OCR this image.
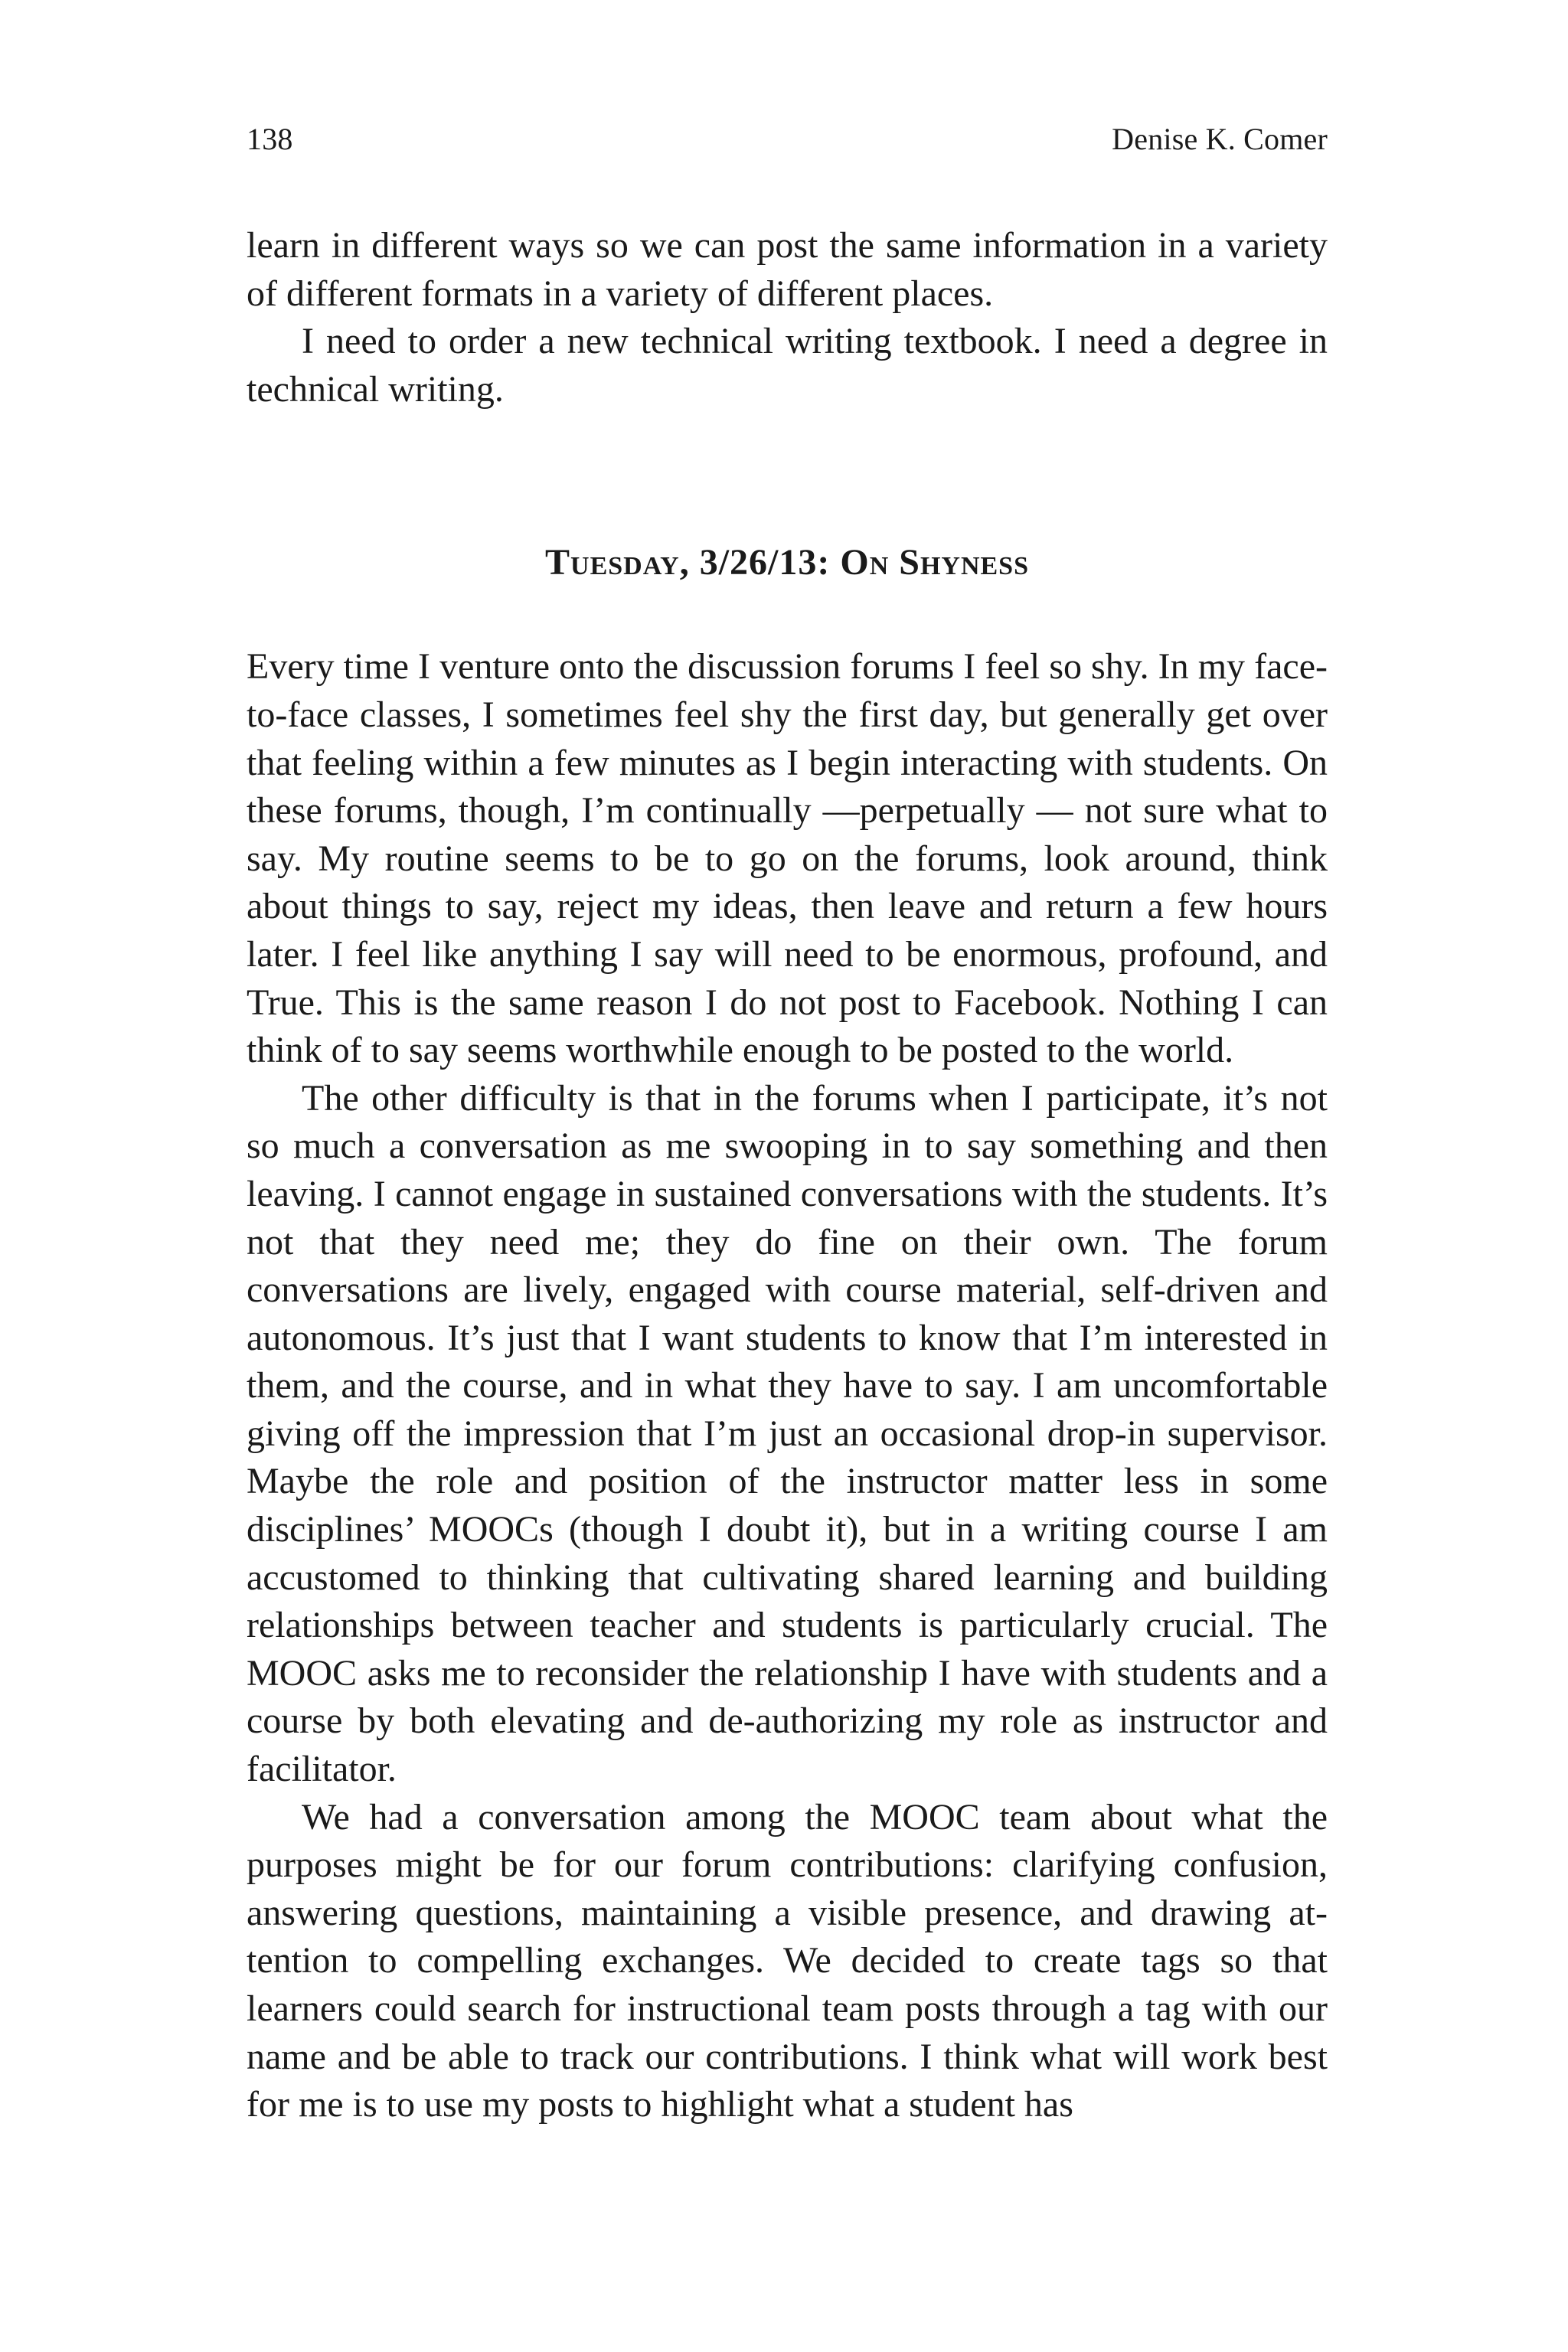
138	Denise K. Comer

learn in different ways so we can post the same information in a variety of different formats in a variety of different places.

I need to order a new technical writing textbook. I need a degree in technical writing.

Tuesday, 3/26/13: On Shyness

Every time I venture onto the discussion forums I feel so shy. In my face-to-face classes, I sometimes feel shy the first day, but generally get over that feeling within a few minutes as I begin interacting with students. On these forums, though, I’m continually —perpetually — not sure what to say. My routine seems to be to go on the forums, look around, think about things to say, reject my ideas, then leave and return a few hours later. I feel like anything I say will need to be enormous, profound, and True. This is the same reason I do not post to Facebook. Nothing I can think of to say seems worthwhile enough to be posted to the world.

The other difficulty is that in the forums when I participate, it’s not so much a conversation as me swooping in to say something and then leaving. I cannot engage in sustained conversations with the students. It’s not that they need me; they do fine on their own. The forum conversations are lively, engaged with course material, self-driven and autonomous. It’s just that I want students to know that I’m interested in them, and the course, and in what they have to say. I am uncomfortable giving off the impression that I’m just an occasional drop-in supervisor. Maybe the role and position of the instructor matter less in some disciplines’ MOOCs (though I doubt it), but in a writing course I am accustomed to thinking that cultivating shared learning and building relationships between teacher and students is particularly crucial. The MOOC asks me to reconsider the relationship I have with students and a course by both elevating and de-authorizing my role as instructor and facilitator.

We had a conversation among the MOOC team about what the purposes might be for our forum contributions: clarifying confusion, answering questions, maintaining a visible presence, and drawing attention to compelling exchanges. We decided to create tags so that learners could search for instructional team posts through a tag with our name and be able to track our contributions. I think what will work best for me is to use my posts to highlight what a student has
